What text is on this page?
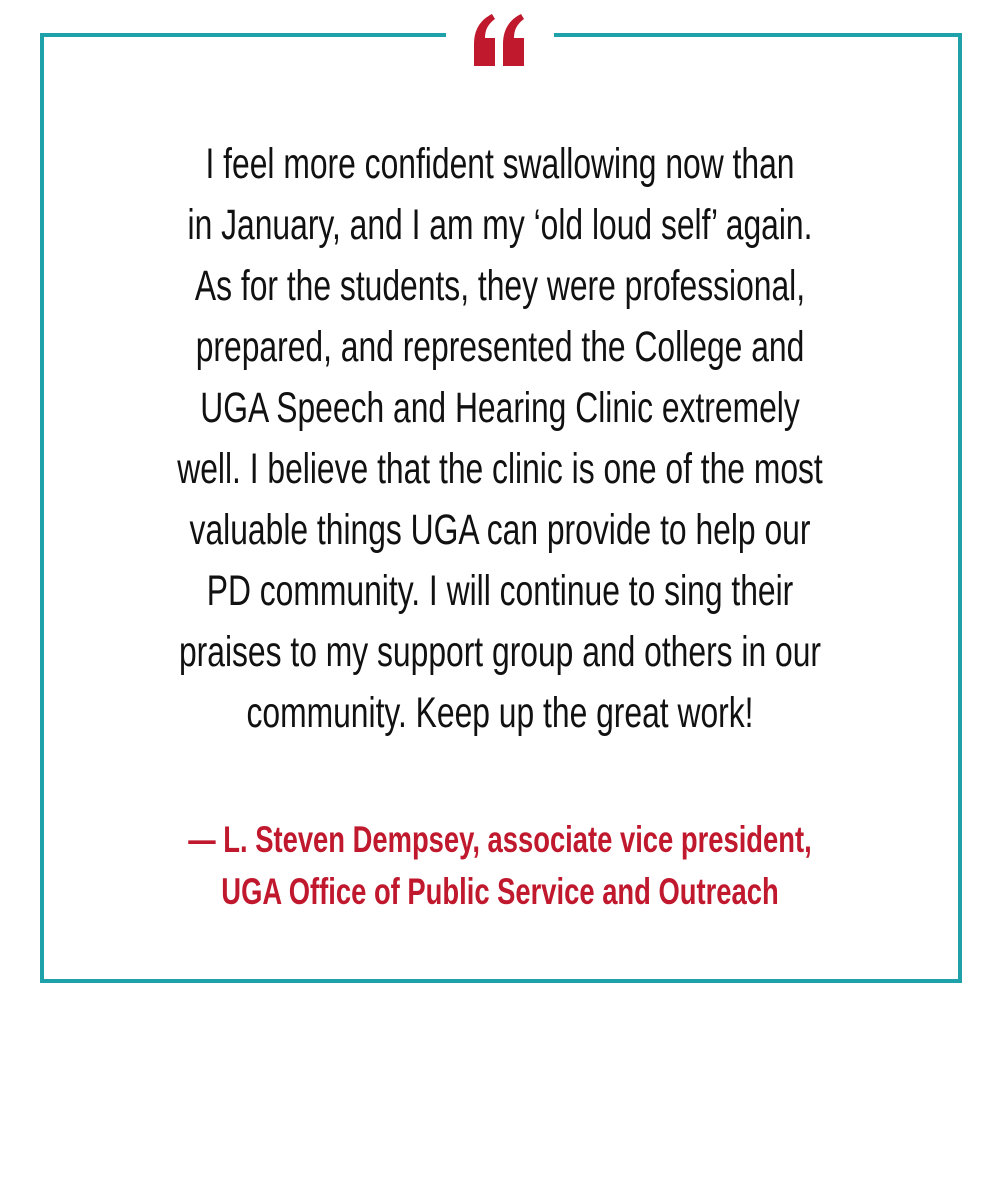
I feel more confident swallowing now than
in January, and I am my ‘old loud self’ again.
As for the students, they were professional,
prepared, and represented the College and
UGA Speech and Hearing Clinic extremely
well. I believe that the clinic is one of the most
valuable things UGA can provide to help our
PD community. I will continue to sing their
praises to my support group and others in our
community. Keep up the great work!

— L. Steven Dempsey, associate vice president,
UGA Office of Public Service and Outreach
